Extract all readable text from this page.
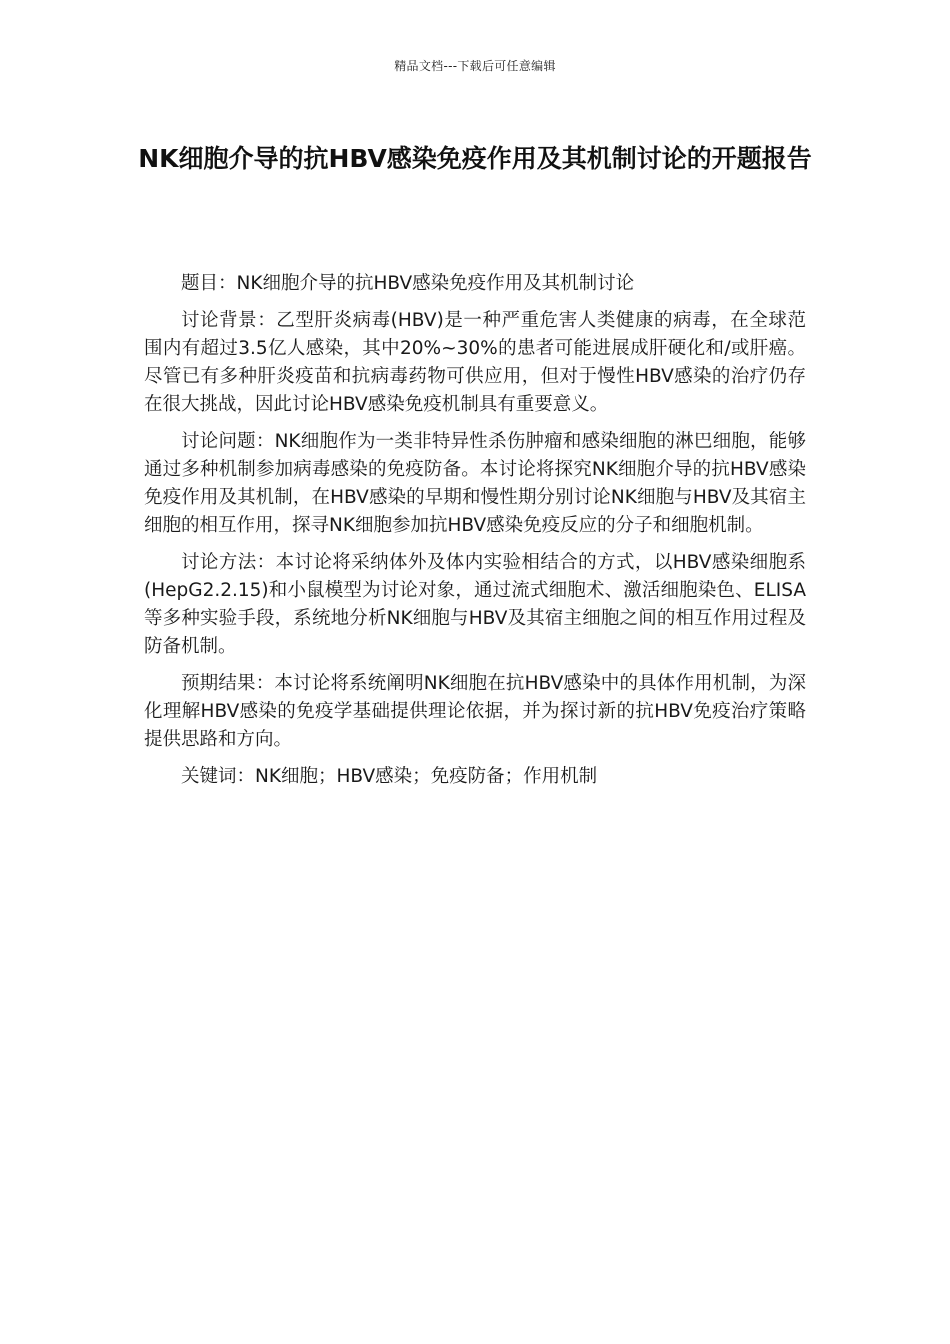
精品文档---下载后可任意编辑
NK细胞介导的抗HBV感染免疫作用及其机制讨论的开题报告

题目：NK细胞介导的抗HBV感染免疫作用及其机制讨论

讨论背景：乙型肝炎病毒(HBV)是一种严重危害人类健康的病毒，在全球范围内有超过3.5亿人感染，其中20%~30%的患者可能进展成肝硬化和/或肝癌。尽管已有多种肝炎疫苗和抗病毒药物可供应用，但对于慢性HBV感染的治疗仍存在很大挑战，因此讨论HBV感染免疫机制具有重要意义。

讨论问题：NK细胞作为一类非特异性杀伤肿瘤和感染细胞的淋巴细胞，能够通过多种机制参加病毒感染的免疫防备。本讨论将探究NK细胞介导的抗HBV感染免疫作用及其机制，在HBV感染的早期和慢性期分别讨论NK细胞与HBV及其宿主细胞的相互作用，探寻NK细胞参加抗HBV感染免疫反应的分子和细胞机制。

讨论方法：本讨论将采纳体外及体内实验相结合的方式，以HBV感染细胞系(HepG2.2.15)和小鼠模型为讨论对象，通过流式细胞术、激活细胞染色、ELISA等多种实验手段，系统地分析NK细胞与HBV及其宿主细胞之间的相互作用过程及防备机制。

预期结果：本讨论将系统阐明NK细胞在抗HBV感染中的具体作用机制，为深化理解HBV感染的免疫学基础提供理论依据，并为探讨新的抗HBV免疫治疗策略提供思路和方向。

关键词：NK细胞；HBV感染；免疫防备；作用机制
